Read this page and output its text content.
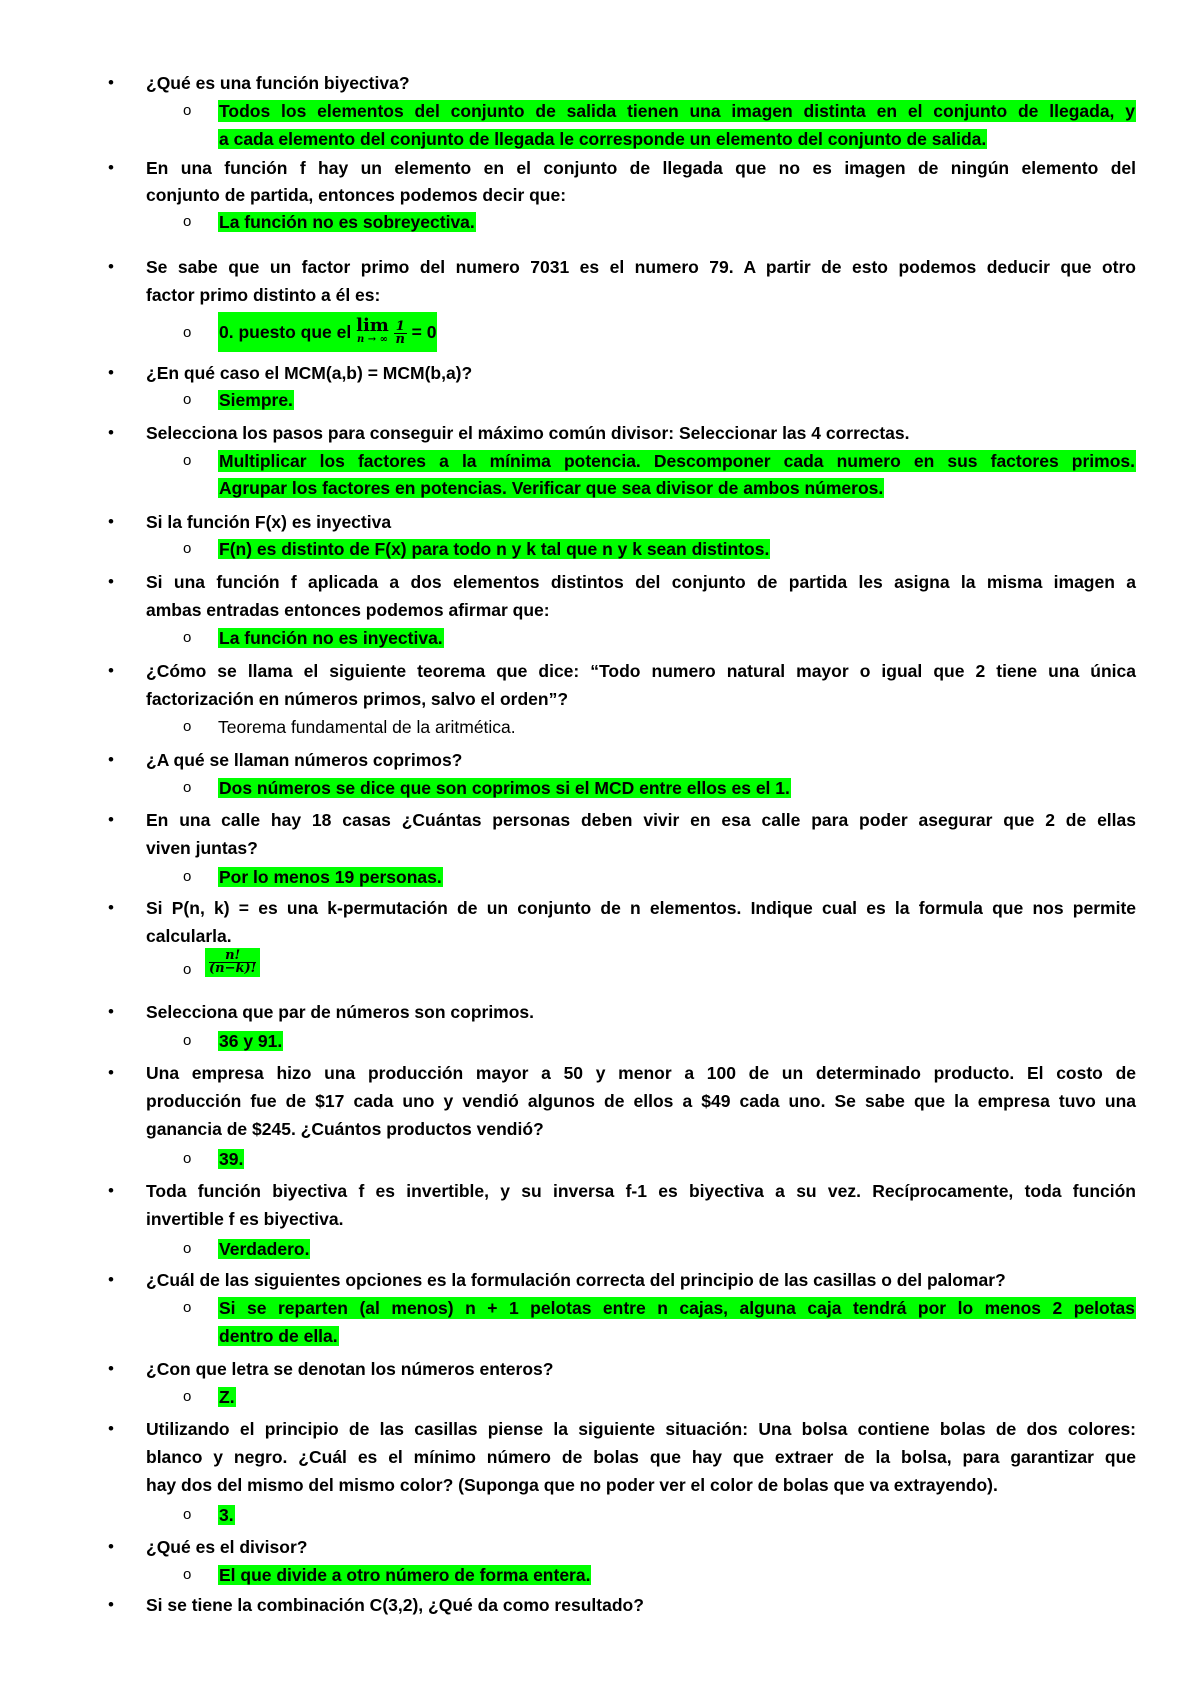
• ¿Qué es una función biyectiva?
o Todos los elementos del conjunto de salida tienen una imagen distinta en el conjunto de llegada, y
a cada elemento del conjunto de llegada le corresponde un elemento del conjunto de salida.
• En una función f hay un elemento en el conjunto de llegada que no es imagen de ningún elemento del
conjunto de partida, entonces podemos decir que:
o La función no es sobreyectiva.
• Se sabe que un factor primo del numero 7031 es el numero 79. A partir de esto podemos deducir que otro
factor primo distinto a él es:
o 0. puesto que el lim
n → ∞
$\frac{1}{n} = 0$
• ¿En qué caso el MCM(a,b) = MCM(b,a)?
o Siempre.
• Selecciona los pasos para conseguir el máximo común divisor: Seleccionar las 4 correctas.
o Multiplicar los factores a la mínima potencia. Descomponer cada numero en sus factores primos.
Agrupar los factores en potencias. Verificar que sea divisor de ambos números.
• Si la función F(x) es inyectiva
o F(n) es distinto de F(x) para todo n y k tal que n y k sean distintos.
• Si una función f aplicada a dos elementos distintos del conjunto de partida les asigna la misma imagen a
ambas entradas entonces podemos afirmar que:
o La función no es inyectiva.
• ¿Cómo se llama el siguiente teorema que dice: “Todo numero natural mayor o igual que 2 tiene una única
factorización en números primos, salvo el orden”?
o Teorema fundamental de la aritmética.
• ¿A qué se llaman números coprimos?
o Dos números se dice que son coprimos si el MCD entre ellos es el 1.
• En una calle hay 18 casas ¿Cuántas personas deben vivir en esa calle para poder asegurar que 2 de ellas
viven juntas?
o Por lo menos 19 personas.
• Si P(n, k) = es una k-permutación de un conjunto de n elementos. Indique cual es la formula que nos permite
calcularla.
o $\frac{n!}{(n-k)!}$
• Selecciona que par de números son coprimos.
o 36 y 91.
• Una empresa hizo una producción mayor a 50 y menor a 100 de un determinado producto. El costo de
producción fue de $17 cada uno y vendió algunos de ellos a $49 cada uno. Se sabe que la empresa tuvo una
ganancia de $245. ¿Cuántos productos vendió?
o 39.
• Toda función biyectiva f es invertible, y su inversa f-1 es biyectiva a su vez. Recíprocamente, toda función
invertible f es biyectiva.
o Verdadero.
• ¿Cuál de las siguientes opciones es la formulación correcta del principio de las casillas o del palomar?
o Si se reparten (al menos) n + 1 pelotas entre n cajas, alguna caja tendrá por lo menos 2 pelotas
dentro de ella.
• ¿Con que letra se denotan los números enteros?
o Z.
• Utilizando el principio de las casillas piense la siguiente situación: Una bolsa contiene bolas de dos colores:
blanco y negro. ¿Cuál es el mínimo número de bolas que hay que extraer de la bolsa, para garantizar que
hay dos del mismo del mismo color? (Suponga que no poder ver el color de bolas que va extrayendo).
o 3.
• ¿Qué es el divisor?
o El que divide a otro número de forma entera.
• Si se tiene la combinación C(3,2), ¿Qué da como resultado?
